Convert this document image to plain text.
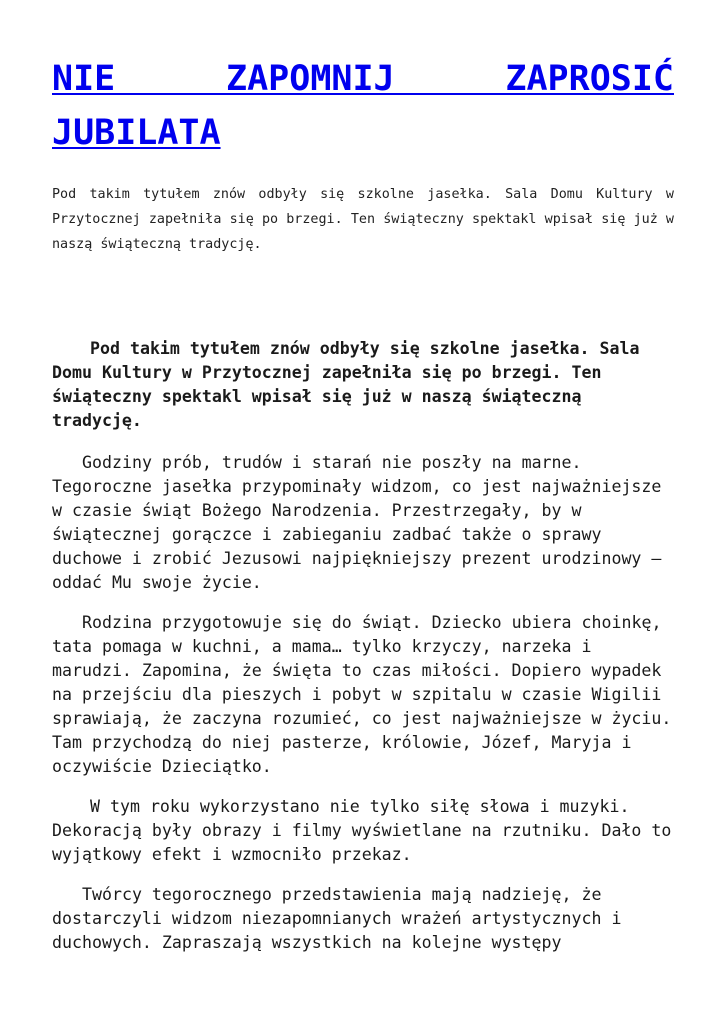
NIE ZAPOMNIJ ZAPROSIĆ JUBILATA

Pod takim tytułem znów odbyły się szkolne jasełka. Sala Domu Kultury w Przytocznej zapełniła się po brzegi. Ten świąteczny spektakl wpisał się już w naszą świąteczną tradycję.

Pod takim tytułem znów odbyły się szkolne jasełka. Sala Domu Kultury w Przytocznej zapełniła się po brzegi. Ten świąteczny spektakl wpisał się już w naszą świąteczną tradycję.

Godziny prób, trudów i starań nie poszły na marne. Tegoroczne jasełka przypominały widzom, co jest najważniejsze w czasie świąt Bożego Narodzenia. Przestrzegały, by w świątecznej gorączce i zabieganiu zadbać także o sprawy duchowe i zrobić Jezusowi najpiękniejszy prezent urodzinowy – oddać Mu swoje życie.

Rodzina przygotowuje się do świąt. Dziecko ubiera choinkę, tata pomaga w kuchni, a mama… tylko krzyczy, narzeka i marudzi. Zapomina, że święta to czas miłości. Dopiero wypadek na przejściu dla pieszych i pobyt w szpitalu w czasie Wigilii sprawiają, że zaczyna rozumieć, co jest najważniejsze w życiu. Tam przychodzą do niej pasterze, królowie, Józef, Maryja i oczywiście Dzieciątko.

W tym roku wykorzystano nie tylko siłę słowa i muzyki. Dekoracją były obrazy i filmy wyświetlane na rzutniku. Dało to wyjątkowy efekt i wzmocniło przekaz.

Twórcy tegorocznego przedstawienia mają nadzieję, że dostarczyli widzom niezapomnianych wrażeń artystycznych i duchowych. Zapraszają wszystkich na kolejne występy
